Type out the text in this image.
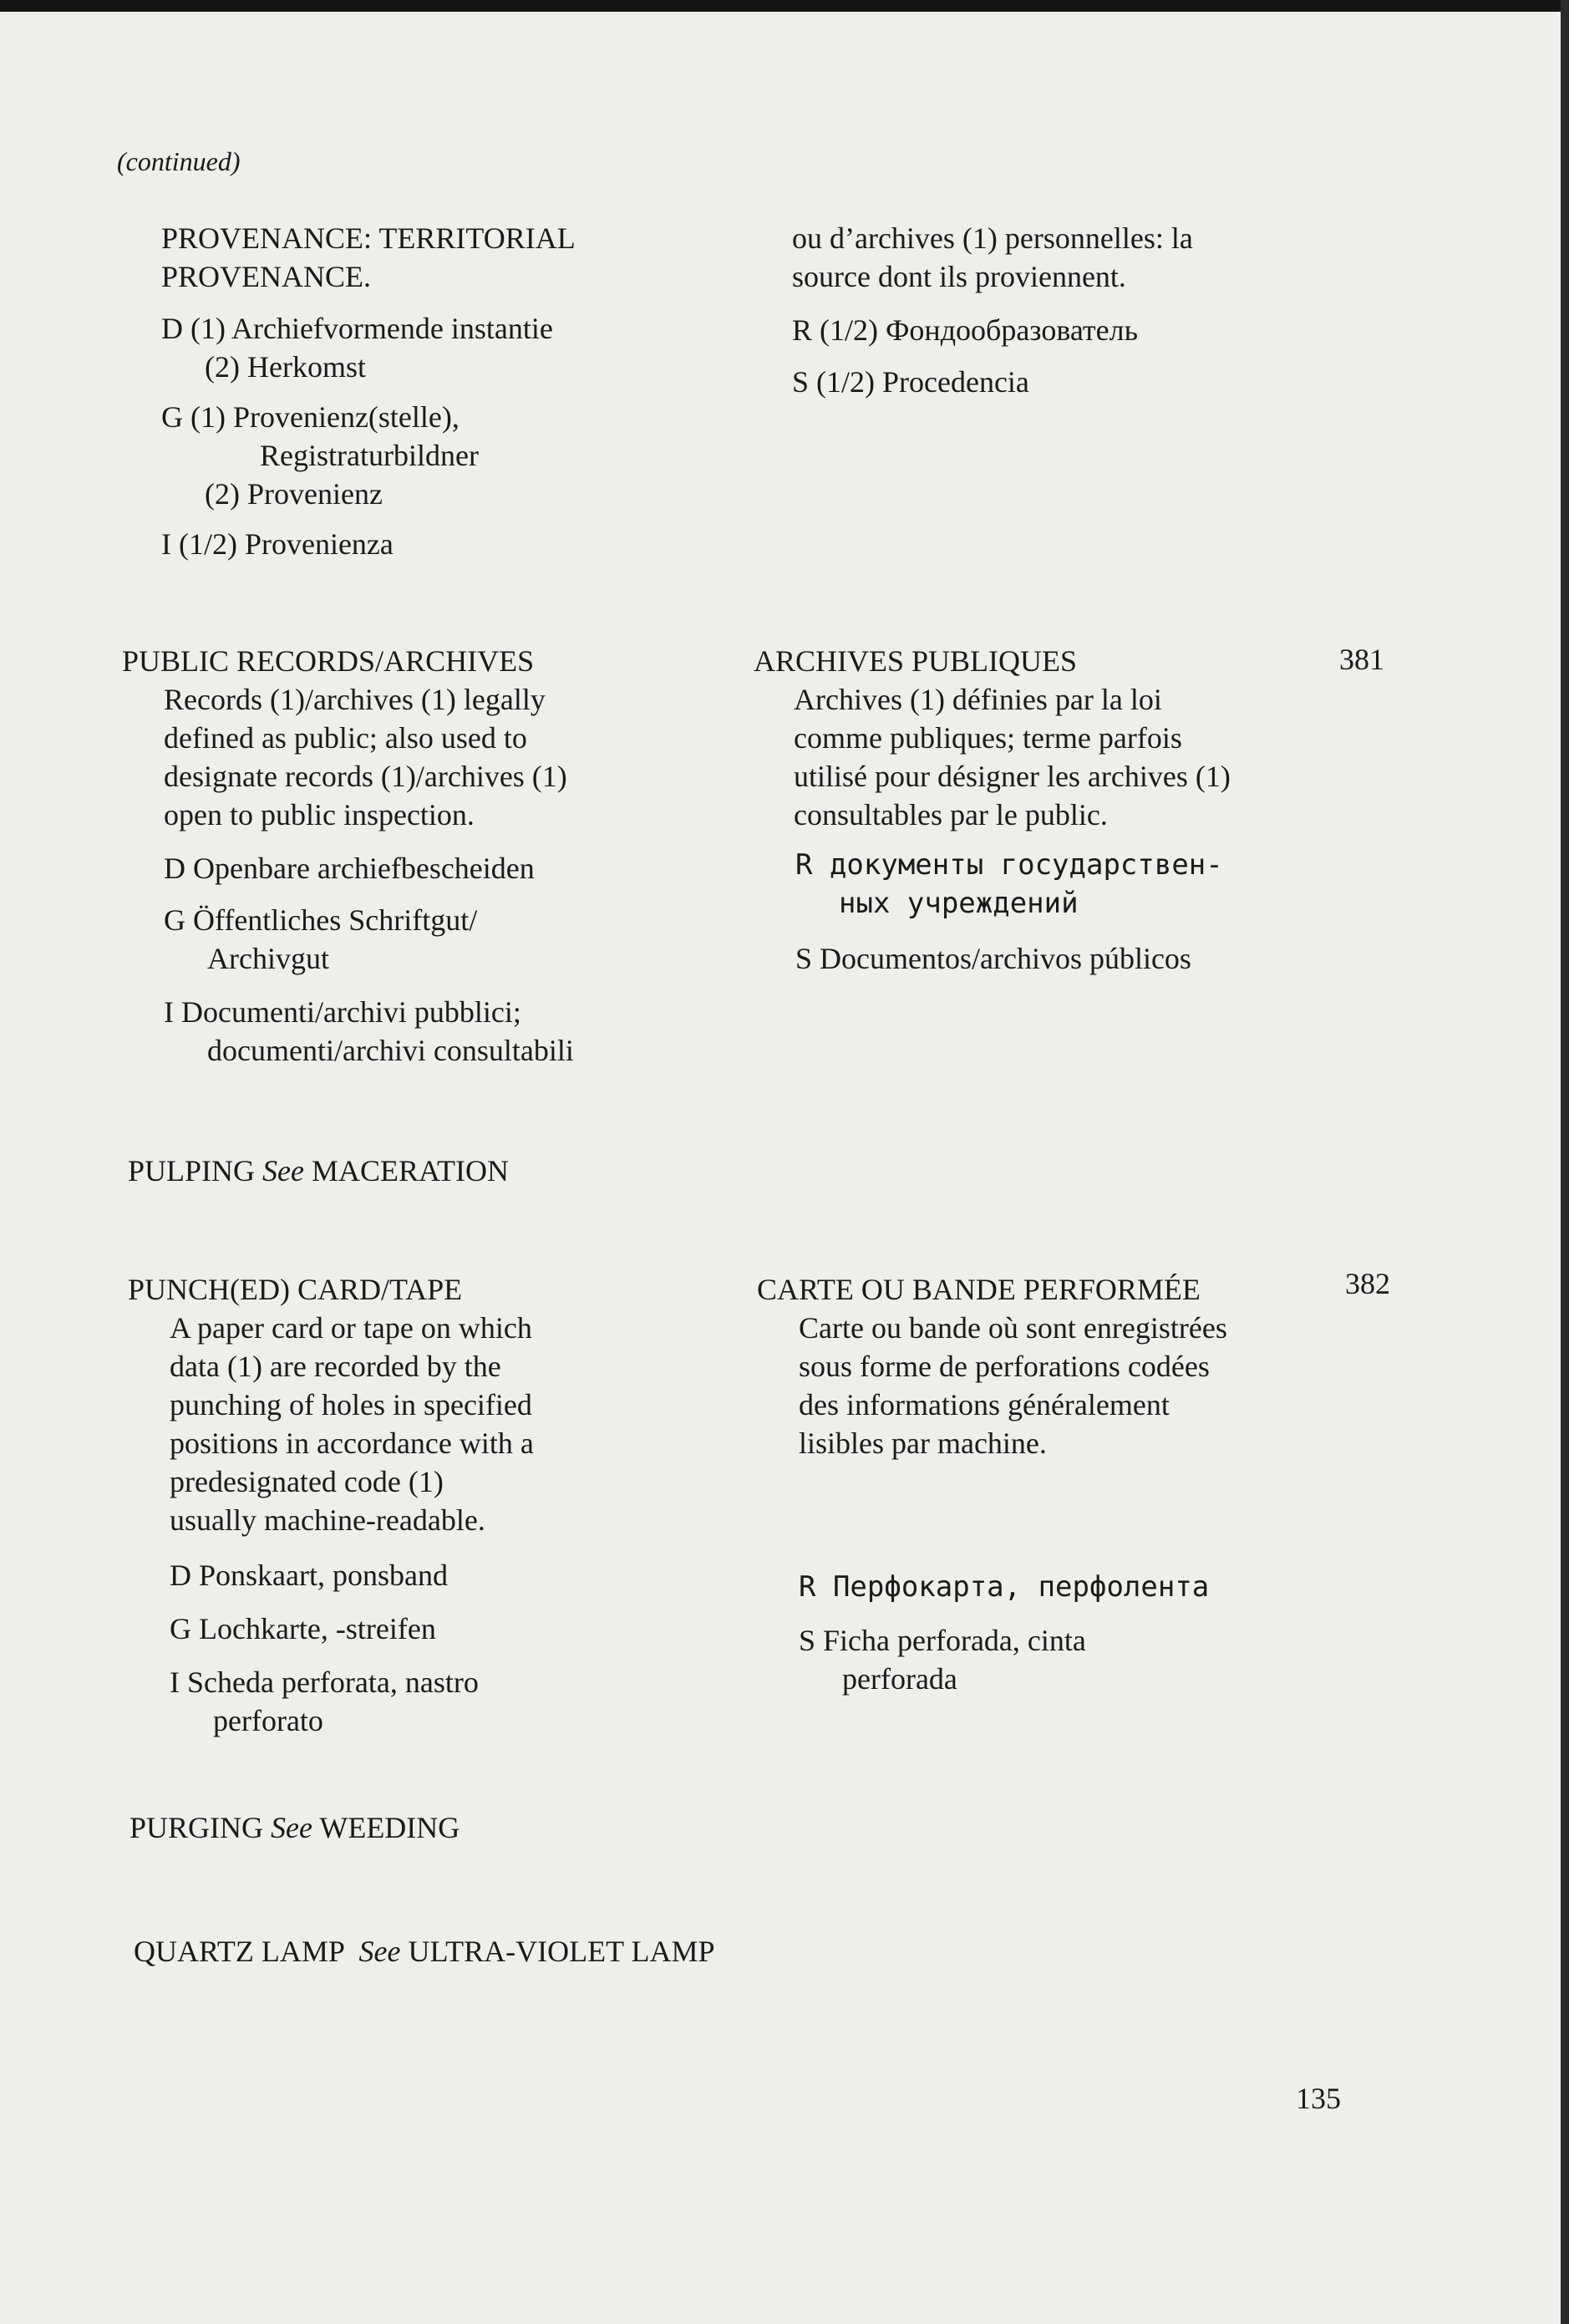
(continued)

PROVENANCE: TERRITORIAL

PROVENANCE.

D (1) Archiefvormende instantie

(2) Herkomst

G (1) Provenienz(stelle),

Registraturbildner

(2) Provenienz

I (1/2) Provenienza

ou d’archives (1) personnelles: la

source dont ils proviennent.

R (1/2) Фондообразователь

S (1/2) Procedencia

PUBLIC RECORDS/ARCHIVES

Records (1)/archives (1) legally

defined as public; also used to

designate records (1)/archives (1)

open to public inspection.

D Openbare archiefbescheiden

G Öffentliches Schriftgut/

Archivgut

I Documenti/archivi pubblici;

documenti/archivi consultabili

ARCHIVES PUBLIQUES

Archives (1) définies par la loi

comme publiques; terme parfois

utilisé pour désigner les archives (1)

consultables par le public.

R документы государствен-

ных учреждений

S Documentos/archivos públicos

381

PULPING See MACERATION

PUNCH(ED) CARD/TAPE

A paper card or tape on which

data (1) are recorded by the

punching of holes in specified

positions in accordance with a

predesignated code (1)

usually machine-readable.

D Ponskaart, ponsband

G Lochkarte, -streifen

I Scheda perforata, nastro

perforato

CARTE OU BANDE PERFORMÉE

Carte ou bande où sont enregistrées

sous forme de perforations codées

des informations généralement

lisibles par machine.

R Перфокарта, перфолента

S Ficha perforada, cinta

perforada

382

PURGING See WEEDING

QUARTZ LAMP See ULTRA-VIOLET LAMP

135
